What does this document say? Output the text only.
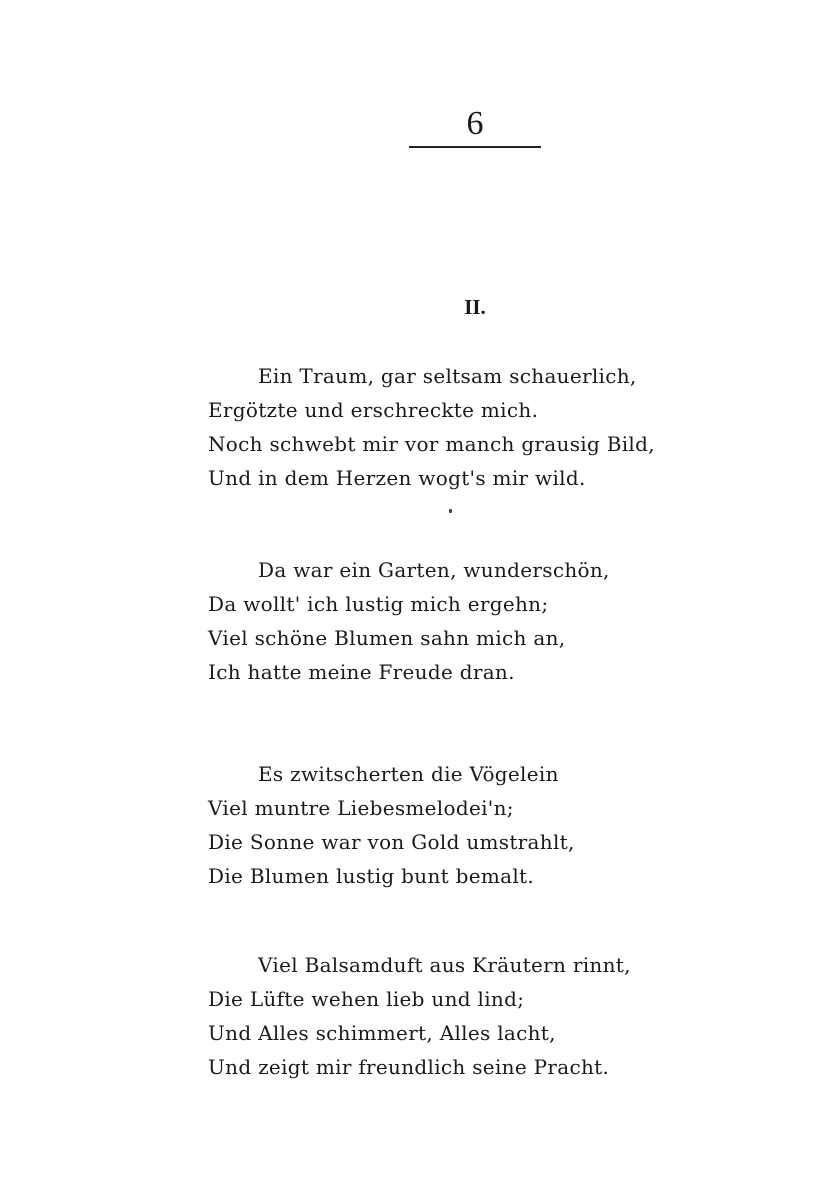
6
II.
Ein Traum, gar seltsam schauerlich,
Ergötzte und erschreckte mich.
Noch schwebt mir vor manch grausig Bild,
Und in dem Herzen wogt's mir wild.
Da war ein Garten, wunderschön,
Da wollt' ich lustig mich ergehn;
Viel schöne Blumen sahn mich an,
Ich hatte meine Freude dran.
Es zwitscherten die Vögelein
Viel muntre Liebesmelodei'n;
Die Sonne war von Gold umstrahlt,
Die Blumen lustig bunt bemalt.
Viel Balsamduft aus Kräutern rinnt,
Die Lüfte wehen lieb und lind;
Und Alles schimmert, Alles lacht,
Und zeigt mir freundlich seine Pracht.
